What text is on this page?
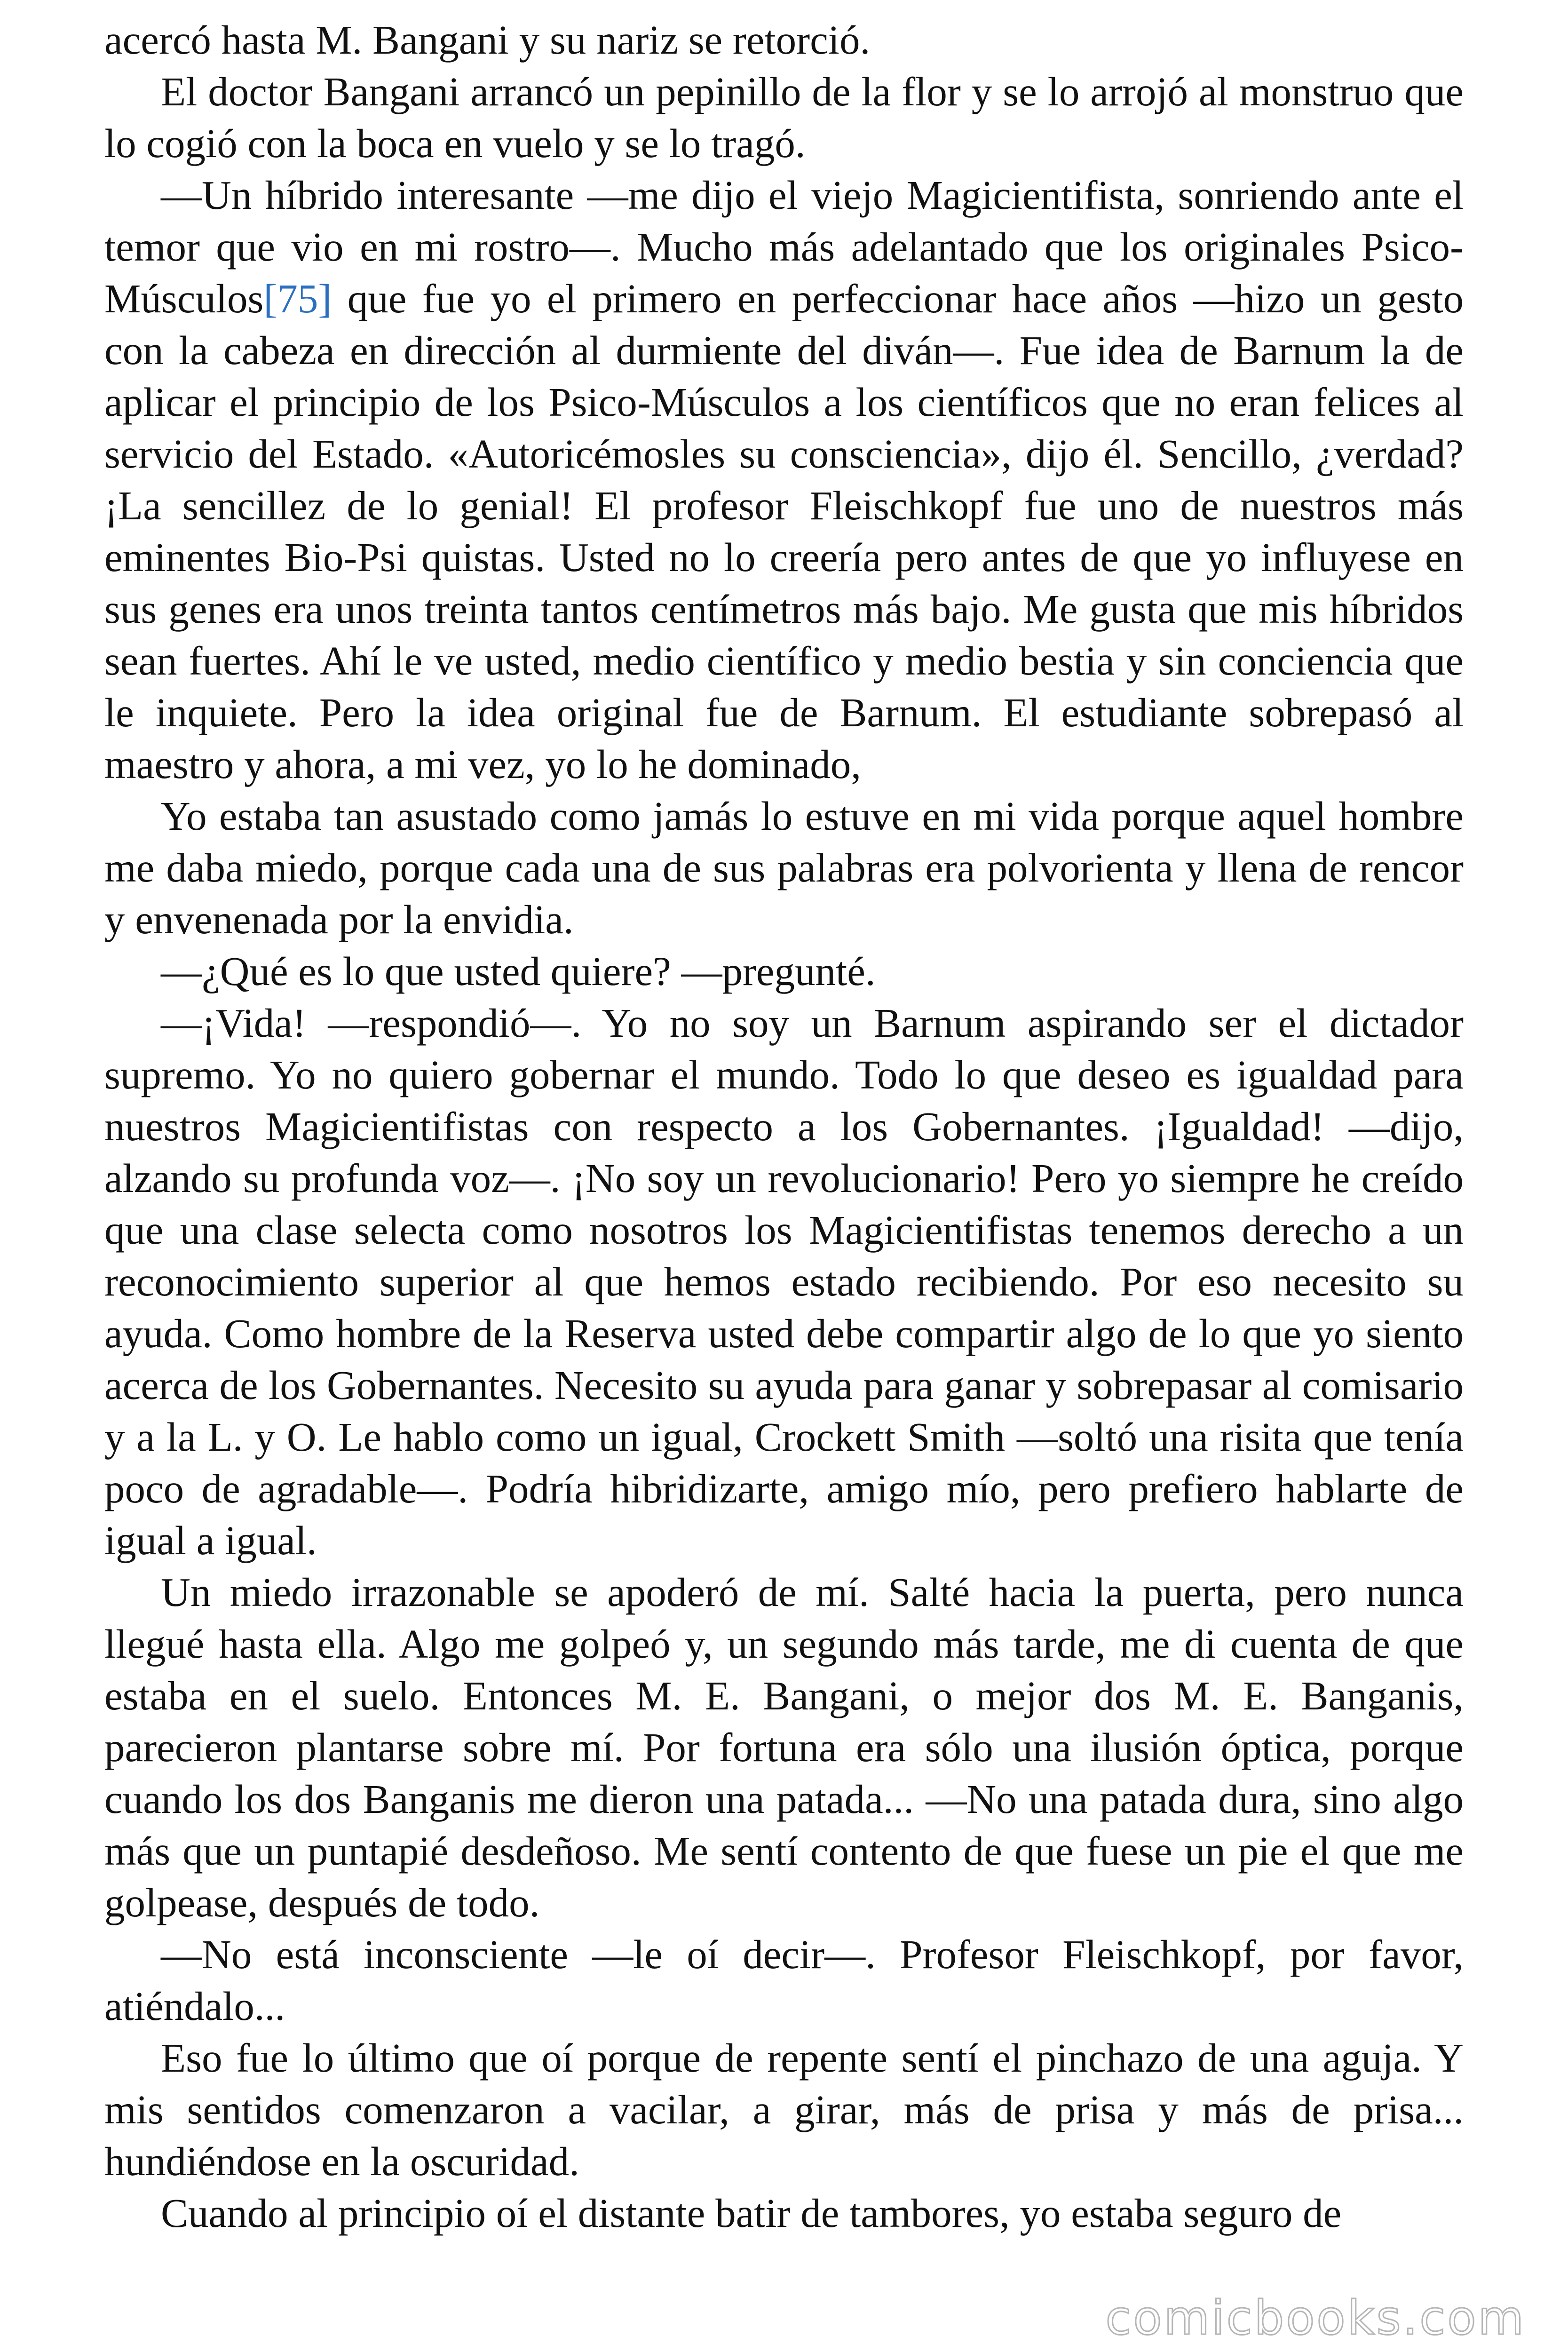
acercó hasta M. Bangani y su nariz se retorció.

El doctor Bangani arrancó un pepinillo de la flor y se lo arrojó al monstruo que lo cogió con la boca en vuelo y se lo tragó.

—Un híbrido interesante —me dijo el viejo Magicientifista, sonriendo ante el temor que vio en mi rostro—. Mucho más adelantado que los originales Psico-Músculos[75] que fue yo el primero en perfeccionar hace años —hizo un gesto con la cabeza en dirección al durmiente del diván—. Fue idea de Barnum la de aplicar el principio de los Psico-Músculos a los científicos que no eran felices al servicio del Estado. «Autoricémosles su consciencia», dijo él. Sencillo, ¿verdad? ¡La sencillez de lo genial! El profesor Fleischkopf fue uno de nuestros más eminentes Bio-Psi quistas. Usted no lo creería pero antes de que yo influyese en sus genes era unos treinta tantos centímetros más bajo. Me gusta que mis híbridos sean fuertes. Ahí le ve usted, medio científico y medio bestia y sin conciencia que le inquiete. Pero la idea original fue de Barnum. El estudiante sobrepasó al maestro y ahora, a mi vez, yo lo he dominado,

Yo estaba tan asustado como jamás lo estuve en mi vida porque aquel hombre me daba miedo, porque cada una de sus palabras era polvorienta y llena de rencor y envenenada por la envidia.

—¿Qué es lo que usted quiere? —pregunté.

—¡Vida! —respondió—. Yo no soy un Barnum aspirando ser el dictador supremo. Yo no quiero gobernar el mundo. Todo lo que deseo es igualdad para nuestros Magicientifistas con respecto a los Gobernantes. ¡Igualdad! —dijo, alzando su profunda voz—. ¡No soy un revolucionario! Pero yo siempre he creído que una clase selecta como nosotros los Magicientifistas tenemos derecho a un reconocimiento superior al que hemos estado recibiendo. Por eso necesito su ayuda. Como hombre de la Reserva usted debe compartir algo de lo que yo siento acerca de los Gobernantes. Necesito su ayuda para ganar y sobrepasar al comisario y a la L. y O. Le hablo como un igual, Crockett Smith —soltó una risita que tenía poco de agradable—. Podría hibridizarte, amigo mío, pero prefiero hablarte de igual a igual.

Un miedo irrazonable se apoderó de mí. Salté hacia la puerta, pero nunca llegué hasta ella. Algo me golpeó y, un segundo más tarde, me di cuenta de que estaba en el suelo. Entonces M. E. Bangani, o mejor dos M. E. Banganis, parecieron plantarse sobre mí. Por fortuna era sólo una ilusión óptica, porque cuando los dos Banganis me dieron una patada... —No una patada dura, sino algo más que un puntapié desdeñoso. Me sentí contento de que fuese un pie el que me golpease, después de todo.

—No está inconsciente —le oí decir—. Profesor Fleischkopf, por favor, atiéndalo...

Eso fue lo último que oí porque de repente sentí el pinchazo de una aguja. Y mis sentidos comenzaron a vacilar, a girar, más de prisa y más de prisa... hundiéndose en la oscuridad.

Cuando al principio oí el distante batir de tambores, yo estaba seguro de

comicbooks.com
